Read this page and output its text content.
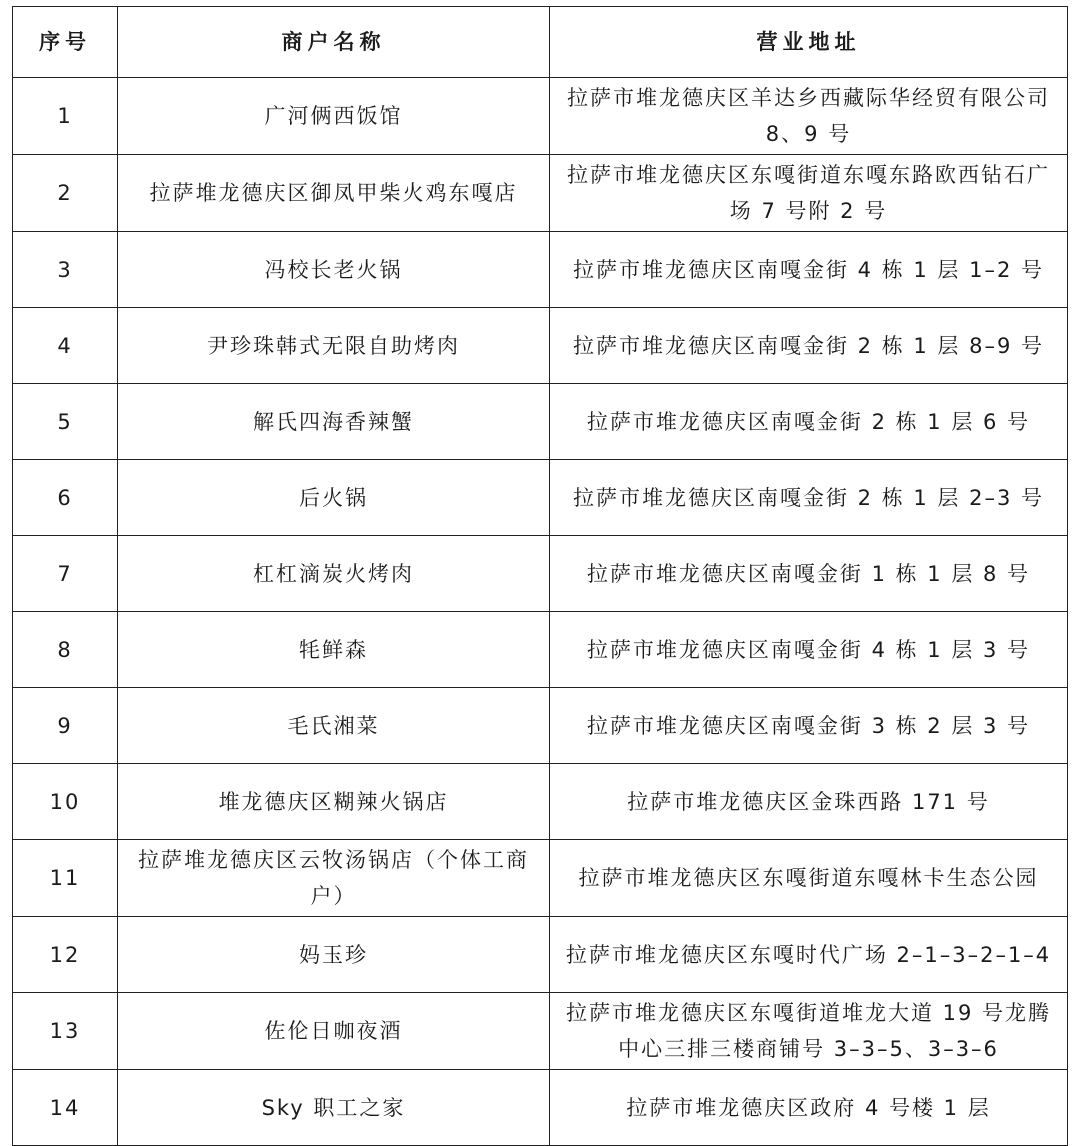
序号	商户名称	营业地址
1	广河俩西饭馆	拉萨市堆龙德庆区羊达乡西藏际华经贸有限公司 8、9 号
2	拉萨堆龙德庆区御凤甲柴火鸡东嘎店	拉萨市堆龙德庆区东嘎街道东嘎东路欧西钻石广场 7 号附 2 号
3	冯校长老火锅	拉萨市堆龙德庆区南嘎金街 4 栋 1 层 1–2 号
4	尹珍珠韩式无限自助烤肉	拉萨市堆龙德庆区南嘎金街 2 栋 1 层 8–9 号
5	解氏四海香辣蟹	拉萨市堆龙德庆区南嘎金街 2 栋 1 层 6 号
6	后火锅	拉萨市堆龙德庆区南嘎金街 2 栋 1 层 2–3 号
7	杠杠滴炭火烤肉	拉萨市堆龙德庆区南嘎金街 1 栋 1 层 8 号
8	牦鲜森	拉萨市堆龙德庆区南嘎金街 4 栋 1 层 3 号
9	毛氏湘菜	拉萨市堆龙德庆区南嘎金街 3 栋 2 层 3 号
10	堆龙德庆区糊辣火锅店	拉萨市堆龙德庆区金珠西路 171 号
11	拉萨堆龙德庆区云牧汤锅店（个体工商户）	拉萨市堆龙德庆区东嘎街道东嘎林卡生态公园
12	妈玉珍	拉萨市堆龙德庆区东嘎时代广场 2–1–3–2–1–4
13	佐伦日咖夜酒	拉萨市堆龙德庆区东嘎街道堆龙大道 19 号龙腾中心三排三楼商铺号 3–3–5、3–3–6
14	Sky 职工之家	拉萨市堆龙德庆区政府 4 号楼 1 层
